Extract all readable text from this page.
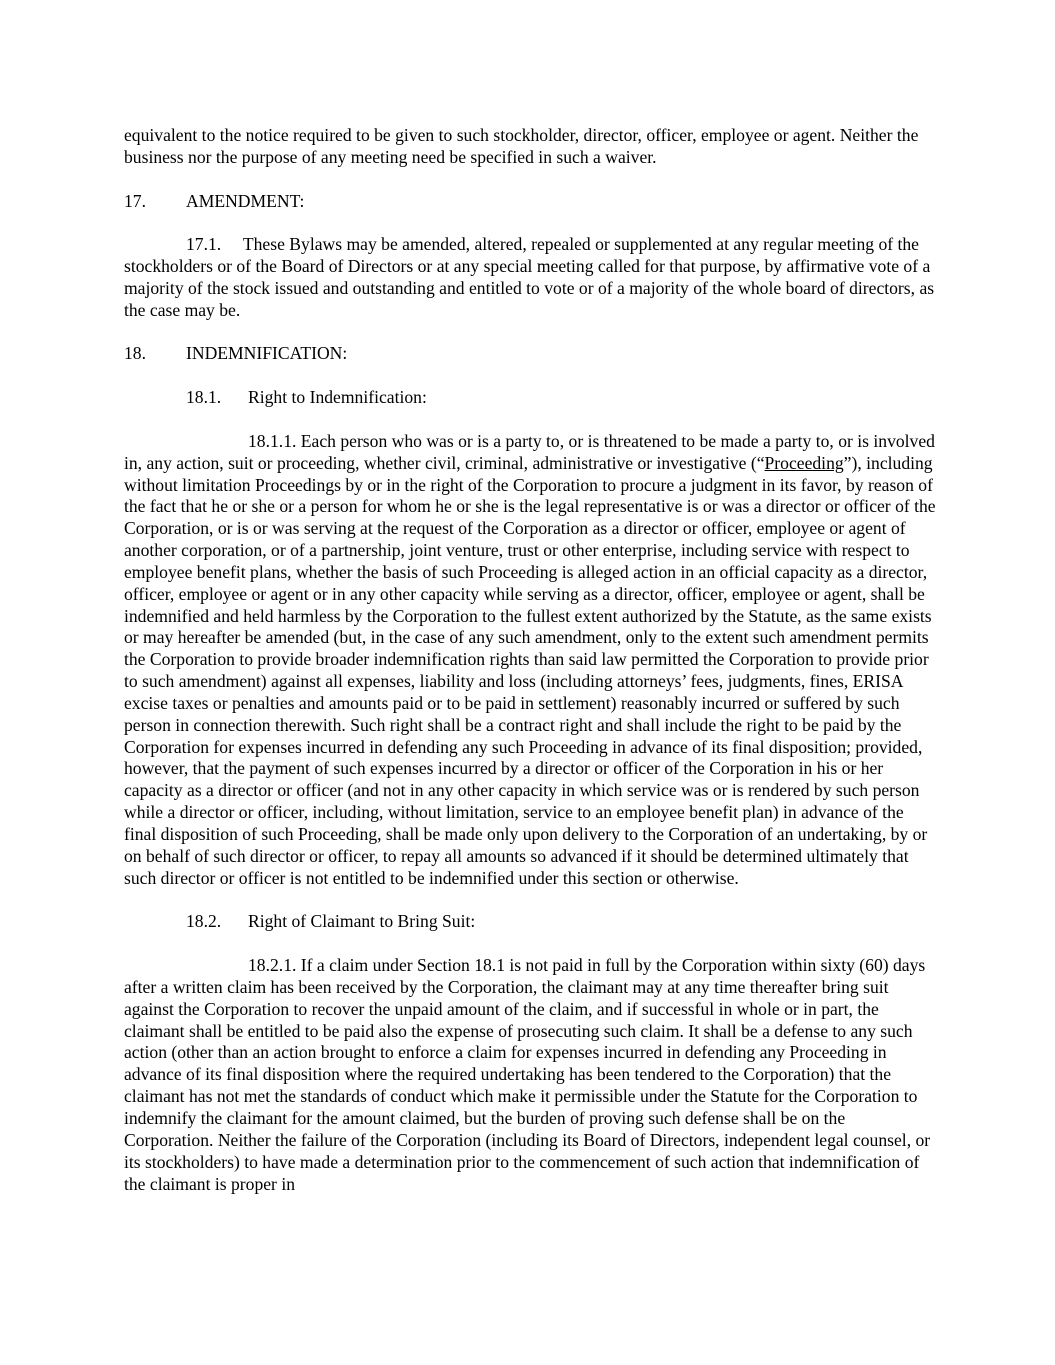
equivalent to the notice required to be given to such stockholder, director, officer, employee or agent. Neither the business nor the purpose of any meeting need be specified in such a waiver.

17. AMENDMENT:

17.1. These Bylaws may be amended, altered, repealed or supplemented at any regular meeting of the stockholders or of the Board of Directors or at any special meeting called for that purpose, by affirmative vote of a majority of the stock issued and outstanding and entitled to vote or of a majority of the whole board of directors, as the case may be.

18. INDEMNIFICATION:

18.1. Right to Indemnification:

18.1.1. Each person who was or is a party to, or is threatened to be made a party to, or is involved in, any action, suit or proceeding, whether civil, criminal, administrative or investigative (“Proceeding”), including without limitation Proceedings by or in the right of the Corporation to procure a judgment in its favor, by reason of the fact that he or she or a person for whom he or she is the legal representative is or was a director or officer of the Corporation, or is or was serving at the request of the Corporation as a director or officer, employee or agent of another corporation, or of a partnership, joint venture, trust or other enterprise, including service with respect to employee benefit plans, whether the basis of such Proceeding is alleged action in an official capacity as a director, officer, employee or agent or in any other capacity while serving as a director, officer, employee or agent, shall be indemnified and held harmless by the Corporation to the fullest extent authorized by the Statute, as the same exists or may hereafter be amended (but, in the case of any such amendment, only to the extent such amendment permits the Corporation to provide broader indemnification rights than said law permitted the Corporation to provide prior to such amendment) against all expenses, liability and loss (including attorneys’ fees, judgments, fines, ERISA excise taxes or penalties and amounts paid or to be paid in settlement) reasonably incurred or suffered by such person in connection therewith. Such right shall be a contract right and shall include the right to be paid by the Corporation for expenses incurred in defending any such Proceeding in advance of its final disposition; provided, however, that the payment of such expenses incurred by a director or officer of the Corporation in his or her capacity as a director or officer (and not in any other capacity in which service was or is rendered by such person while a director or officer, including, without limitation, service to an employee benefit plan) in advance of the final disposition of such Proceeding, shall be made only upon delivery to the Corporation of an undertaking, by or on behalf of such director or officer, to repay all amounts so advanced if it should be determined ultimately that such director or officer is not entitled to be indemnified under this section or otherwise.

18.2. Right of Claimant to Bring Suit:

18.2.1. If a claim under Section 18.1 is not paid in full by the Corporation within sixty (60) days after a written claim has been received by the Corporation, the claimant may at any time thereafter bring suit against the Corporation to recover the unpaid amount of the claim, and if successful in whole or in part, the claimant shall be entitled to be paid also the expense of prosecuting such claim. It shall be a defense to any such action (other than an action brought to enforce a claim for expenses incurred in defending any Proceeding in advance of its final disposition where the required undertaking has been tendered to the Corporation) that the claimant has not met the standards of conduct which make it permissible under the Statute for the Corporation to indemnify the claimant for the amount claimed, but the burden of proving such defense shall be on the Corporation. Neither the failure of the Corporation (including its Board of Directors, independent legal counsel, or its stockholders) to have made a determination prior to the commencement of such action that indemnification of the claimant is proper in
